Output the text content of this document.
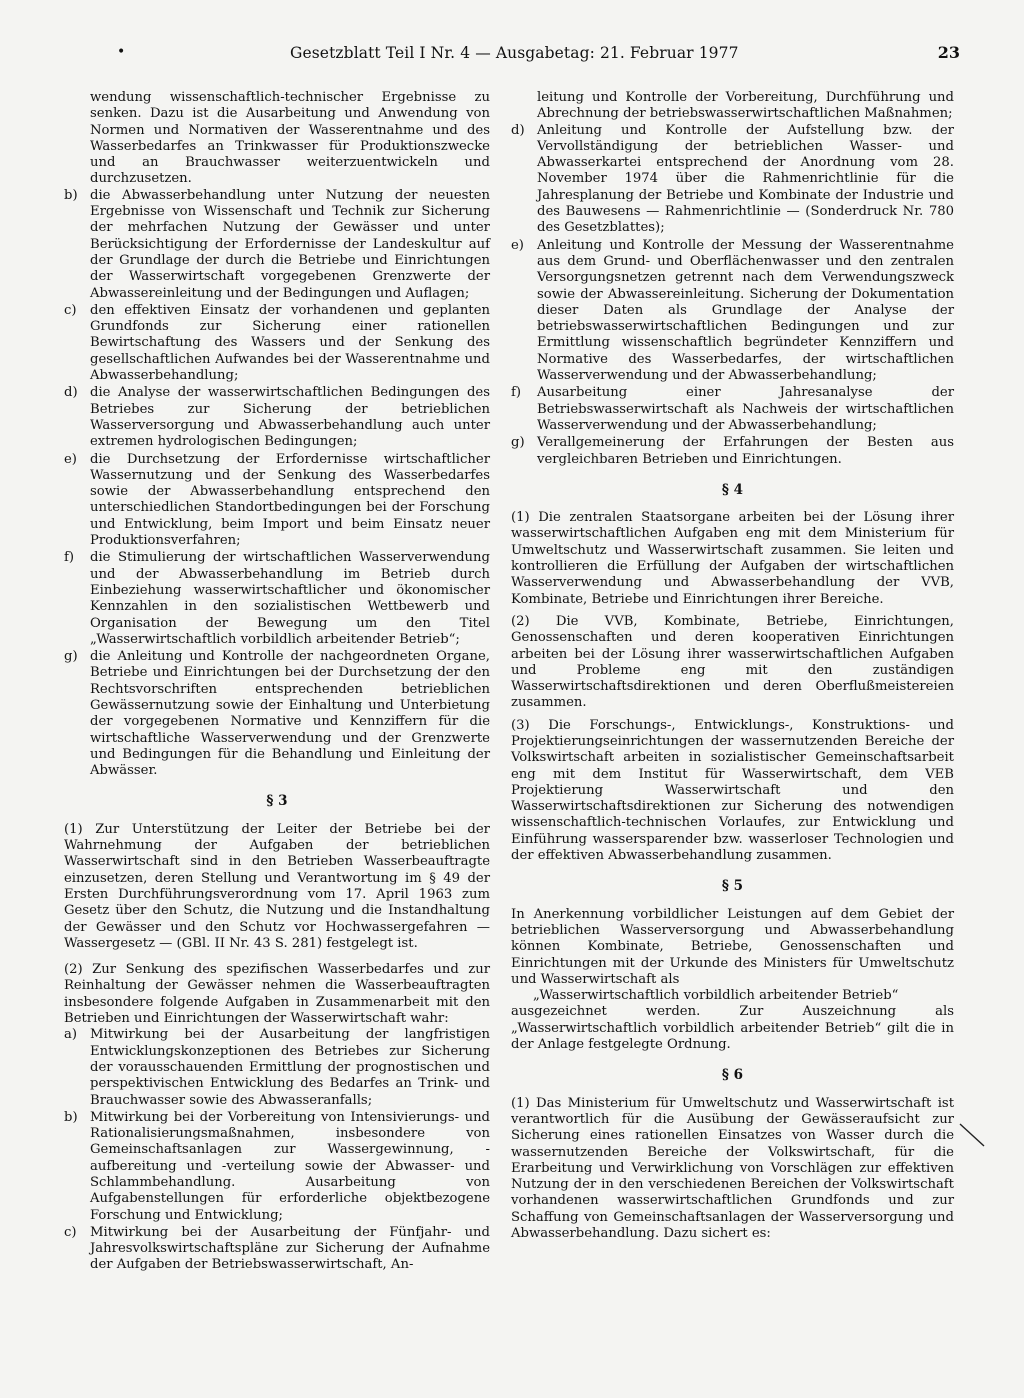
•	Gesetzblatt Teil I Nr. 4 — Ausgabetag: 21. Februar 1977	23

wendung wissenschaftlich-technischer Ergebnisse zu senken. Dazu ist die Ausarbeitung und Anwendung von Normen und Normativen der Wasserentnahme und des Wasserbedarfes an Trinkwasser für Produktionszwecke und an Brauchwasser weiterzuentwickeln und durchzusetzen.

b) die Abwasserbehandlung unter Nutzung der neuesten Ergebnisse von Wissenschaft und Technik zur Sicherung der mehrfachen Nutzung der Gewässer und unter Berücksichtigung der Erfordernisse der Landeskultur auf der Grundlage der durch die Betriebe und Einrichtungen der Wasserwirtschaft vorgegebenen Grenzwerte der Abwassereinleitung und der Bedingungen und Auflagen;
c)	den effektiven Einsatz der vorhandenen und geplanten Grundfonds zur Sicherung einer rationellen Bewirtschaftung des Wassers und der Senkung des gesellschaftlichen Aufwandes bei der Wasserentnahme und Abwasserbehandlung;
d) die Analyse der wasserwirtschaftlichen Bedingungen des Betriebes zur Sicherung der betrieblichen Wasserversorgung und Abwasserbehandlung auch unter extremen hydrologischen Bedingungen;
e) die Durchsetzung der Erfordernisse wirtschaftlicher Wassernutzung und der Senkung des Wasserbedarfes sowie der Abwasserbehandlung entsprechend den unterschiedlichen Standortbedingungen bei der Forschung und Entwicklung, beim Import und beim Einsatz neuer Produktionsverfahren;
f)	die Stimulierung der wirtschaftlichen Wasserverwendung und der Abwasserbehandlung im Betrieb durch Einbeziehung wasserwirtschaftlicher und ökonomischer Kennzahlen in den sozialistischen Wettbewerb und Organisation der Bewegung um den Titel „Wasserwirtschaftlich vorbildlich arbeitender Betrieb“;
g) die Anleitung und Kontrolle der nachgeordneten Organe, Betriebe und Einrichtungen bei der Durchsetzung der den Rechtsvorschriften entsprechenden betrieblichen Gewässernutzung sowie der Einhaltung und Unterbietung der vorgegebenen Normative und Kennziffern für die wirtschaftliche Wasserverwendung und der Grenzwerte und Bedingungen für die Behandlung und Einleitung der Abwässer.
§ 3

(1) Zur Unterstützung der Leiter der Betriebe bei der Wahrnehmung der Aufgaben der betrieblichen Wasserwirtschaft sind in den Betrieben Wasserbeauftragte einzusetzen, deren Stellung und Verantwortung im § 49 der Ersten Durchführungsverordnung vom 17. April 1963 zum Gesetz über den Schutz, die Nutzung und die Instandhaltung der Gewässer und den Schutz vor Hochwassergefahren — Wassergesetz — (GBl. II Nr. 43 S. 281) festgelegt ist.

(2) Zur Senkung des spezifischen Wasserbedarfes und zur Reinhaltung der Gewässer nehmen die Wasserbeauftragten insbesondere folgende Aufgaben in Zusammenarbeit mit den Betrieben und Einrichtungen der Wasserwirtschaft wahr:

a) Mitwirkung bei der Ausarbeitung der langfristigen Entwicklungskonzeptionen des Betriebes zur Sicherung der vorausschauenden Ermittlung der prognostischen und perspektivischen Entwicklung des Bedarfes an Trink- und Brauchwasser sowie des Abwasseranfalls;
b) Mitwirkung bei der Vorbereitung von Intensivierungs- und Rationalisierungsmaßnahmen, insbesondere von Gemeinschaftsanlagen zur Wassergewinnung, -aufbereitung und -verteilung sowie der Abwasser- und Schlammbehandlung. Ausarbeitung von Aufgabenstellungen für erforderliche objektbezogene Forschung und Entwicklung;
c)	Mitwirkung bei der Ausarbeitung der Fünfjahr- und Jahresvolkswirtschaftspläne zur Sicherung der Aufnahme der Aufgaben der Betriebswasserwirtschaft, An-

leitung und Kontrolle der Vorbereitung, Durchführung und Abrechnung der betriebswasserwirtschaftlichen Maßnahmen;

d) Anleitung und Kontrolle der Aufstellung bzw. der Vervollständigung der betrieblichen Wasser- und Abwasserkartei entsprechend der Anordnung vom 28. November 1974 über die Rahmenrichtlinie für die Jahresplanung der Betriebe und Kombinate der Industrie und des Bauwesens — Rahmenrichtlinie — (Sonderdruck Nr. 780 des Gesetzblattes);
e) Anleitung und Kontrolle der Messung der Wasserentnahme aus dem Grund- und Oberflächenwasser und den zentralen Versorgungsnetzen getrennt nach dem Verwendungszweck sowie der Abwassereinleitung. Sicherung der Dokumentation dieser Daten als Grundlage der Analyse der betriebswasserwirtschaftlichen Bedingungen und zur Ermittlung wissenschaftlich begründeter Kennziffern und Normative des Wasserbedarfes, der wirtschaftlichen Wasserverwendung und der Abwasserbehandlung;
f)	Ausarbeitung einer Jahresanalyse der Betriebswasserwirtschaft als Nachweis der wirtschaftlichen Wasserverwendung und der Abwasserbehandlung;
g) Verallgemeinerung der Erfahrungen der Besten aus vergleichbaren Betrieben und Einrichtungen.
§ 4

(1) Die zentralen Staatsorgane arbeiten bei der Lösung ihrer wasserwirtschaftlichen Aufgaben eng mit dem Ministerium für Umweltschutz und Wasserwirtschaft zusammen. Sie leiten und kontrollieren die Erfüllung der Aufgaben der wirtschaftlichen Wasserverwendung und Abwasserbehandlung der VVB, Kombinate, Betriebe und Einrichtungen ihrer Bereiche.

(2) Die VVB, Kombinate, Betriebe, Einrichtungen, Genossenschaften und deren kooperativen Einrichtungen arbeiten bei der Lösung ihrer wasserwirtschaftlichen Aufgaben und Probleme eng mit den zuständigen Wasserwirtschaftsdirektionen und deren Oberflußmeistereien zusammen.

(3) Die Forschungs-, Entwicklungs-, Konstruktions- und Projektierungseinrichtungen der wassernutzenden Bereiche der Volkswirtschaft arbeiten in sozialistischer Gemeinschaftsarbeit eng mit dem Institut für Wasserwirtschaft, dem VEB Projektierung Wasserwirtschaft und den Wasserwirtschaftsdirektionen zur Sicherung des notwendigen wissenschaftlich-technischen Vorlaufes, zur Entwicklung und Einführung wassersparender bzw. wasserloser Technologien und der effektiven Abwasserbehandlung zusammen.

§ 5

In Anerkennung vorbildlicher Leistungen auf dem Gebiet der betrieblichen Wasserversorgung und Abwasserbehandlung können Kombinate, Betriebe, Genossenschaften und Einrichtungen mit der Urkunde des Ministers für Umweltschutz und Wasserwirtschaft als

„Wasserwirtschaftlich vorbildlich arbeitender Betrieb“

ausgezeichnet werden. Zur Auszeichnung als „Wasserwirtschaftlich vorbildlich arbeitender Betrieb“ gilt die in der Anlage festgelegte Ordnung.

§ 6

(1) Das Ministerium für Umweltschutz und Wasserwirtschaft ist verantwortlich für die Ausübung der Gewässeraufsicht zur Sicherung eines rationellen Einsatzes von Wasser durch die wassernutzenden Bereiche der Volkswirtschaft, für die Erarbeitung und Verwirklichung von Vorschlägen zur effektiven Nutzung der in den verschiedenen Bereichen der Volkswirtschaft vorhandenen wasserwirtschaftlichen Grundfonds und zur Schaffung von Gemeinschaftsanlagen der Wasserversorgung und Abwasserbehandlung. Dazu sichert es:
